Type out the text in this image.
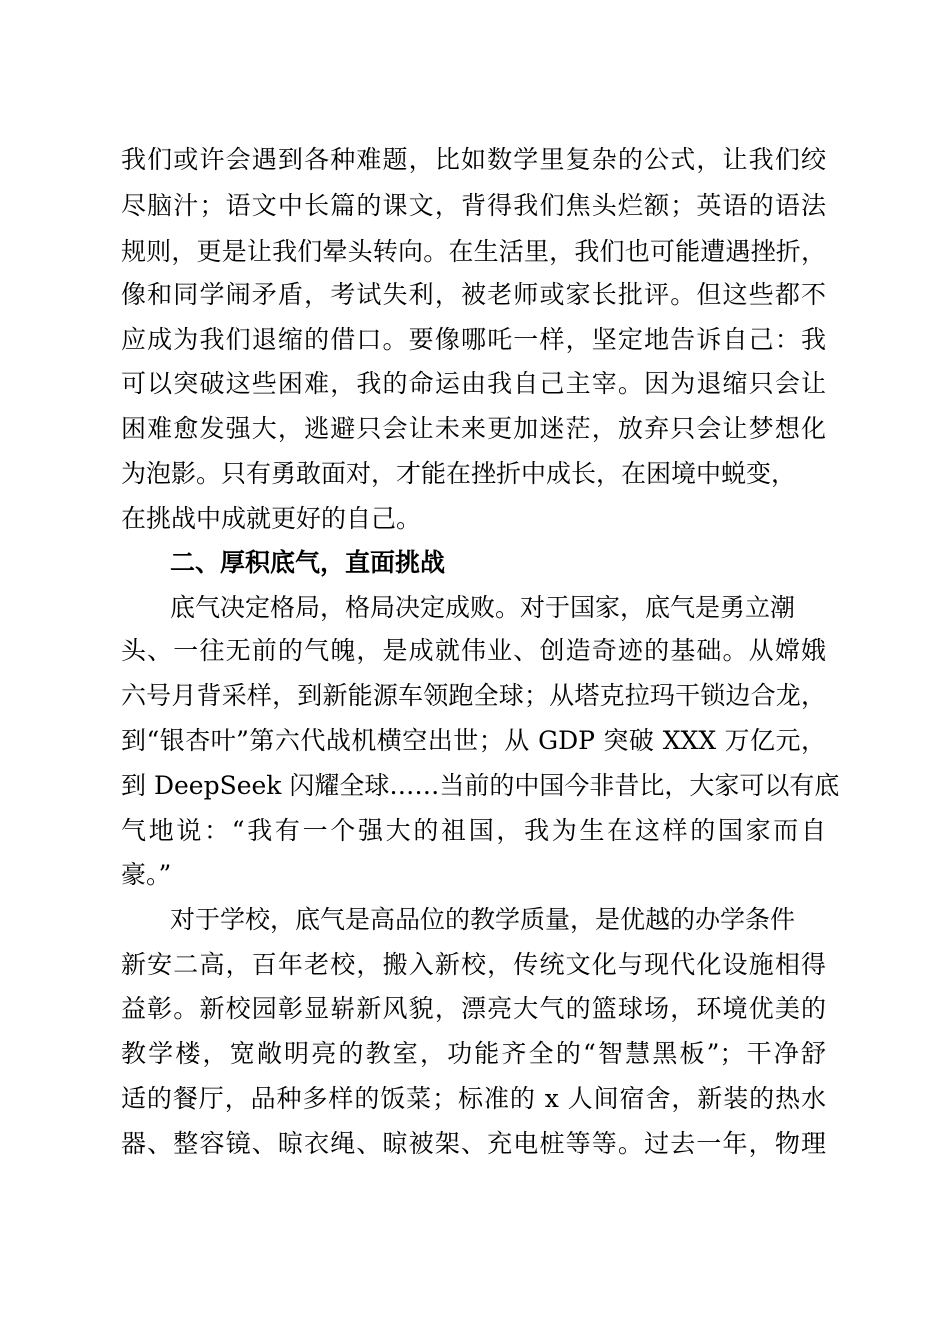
我们或许会遇到各种难题，比如数学里复杂的公式，让我们绞
尽脑汁；语文中长篇的课文，背得我们焦头烂额；英语的语法
规则，更是让我们晕头转向。在生活里，我们也可能遭遇挫折，
像和同学闹矛盾，考试失利，被老师或家长批评。但这些都不
应成为我们退缩的借口。要像哪吒一样，坚定地告诉自己：我
可以突破这些困难，我的命运由我自己主宰。因为退缩只会让
困难愈发强大，逃避只会让未来更加迷茫，放弃只会让梦想化
为泡影。只有勇敢面对，才能在挫折中成长，在困境中蜕变，
在挑战中成就更好的自己。
二、厚积底气，直面挑战
底气决定格局，格局决定成败。对于国家，底气是勇立潮
头、一往无前的气魄，是成就伟业、创造奇迹的基础。从嫦娥
六号月背采样，到新能源车领跑全球；从塔克拉玛干锁边合龙，
到“银杏叶”第六代战机横空出世；从 GDP 突破 XXX 万亿元，
到 DeepSeek 闪耀全球……当前的中国今非昔比，大家可以有底
气地说：“我有一个强大的祖国，我为生在这样的国家而自
豪。”
对于学校，底气是高品位的教学质量，是优越的办学条件
新安二高，百年老校，搬入新校，传统文化与现代化设施相得
益彰。新校园彰显崭新风貌，漂亮大气的篮球场，环境优美的
教学楼，宽敞明亮的教室，功能齐全的“智慧黑板”；干净舒
适的餐厅，品种多样的饭菜；标准的 x 人间宿舍，新装的热水
器、整容镜、晾衣绳、晾被架、充电桩等等。过去一年，物理
